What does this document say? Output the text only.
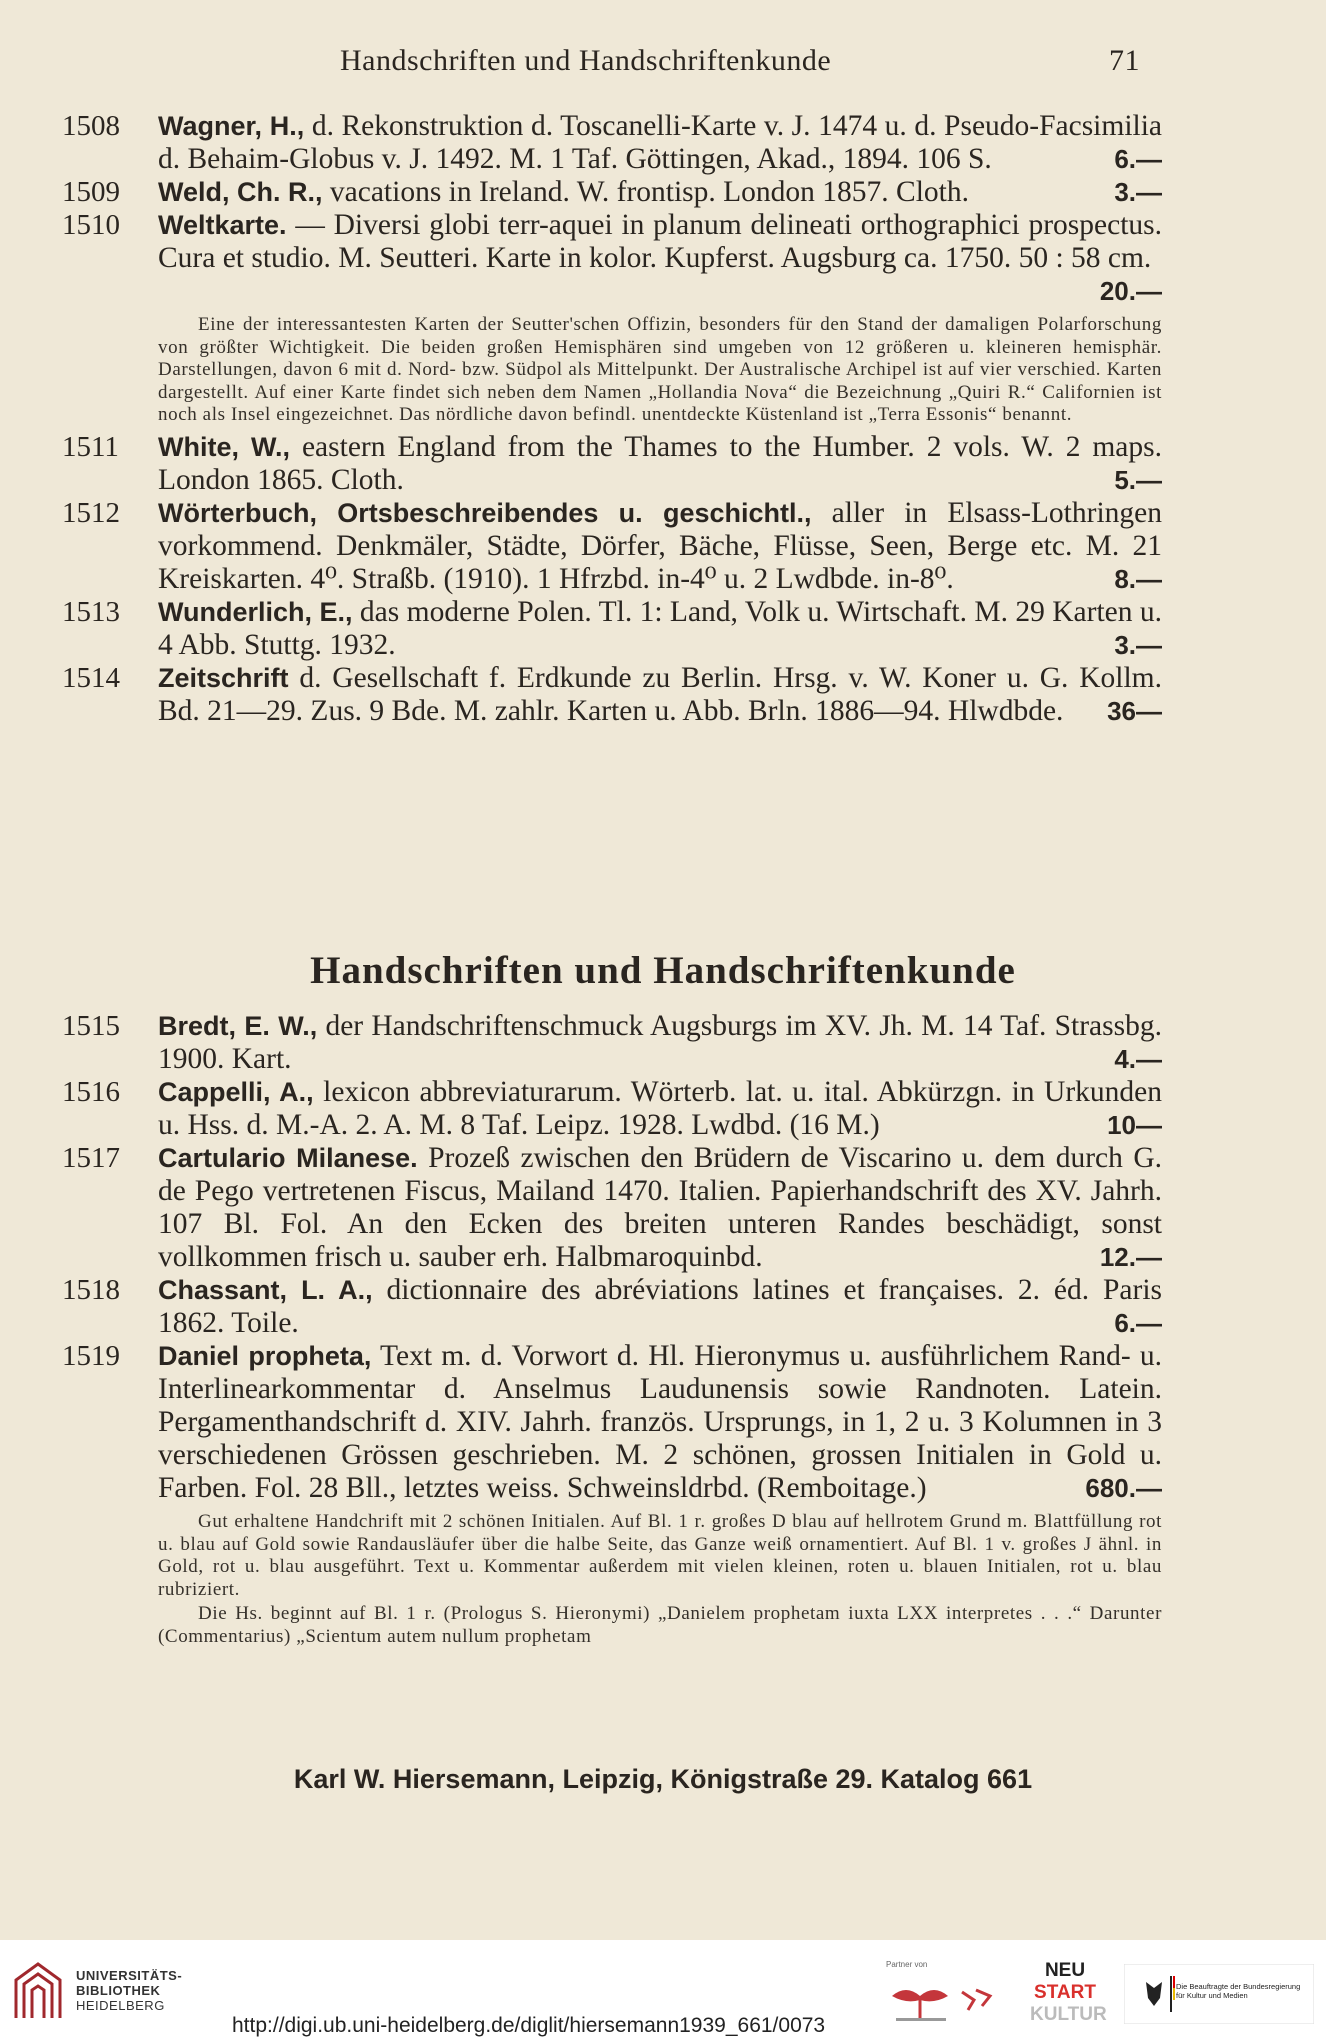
Handschriften und Handschriftenkunde	71
1508 Wagner, H., d. Rekonstruktion d. Toscanelli-Karte v. J. 1474 u. d. Pseudo-Facsimilia d. Behaim-Globus v. J. 1492. M. 1 Taf. Göttingen, Akad., 1894. 106 S.	6.—
1509 Weld, Ch. R., vacations in Ireland. W. frontisp. London 1857. Cloth.	3.—
1510 Weltkarte. — Diversi globi terr-aquei in planum delineati orthographici prospectus. Cura et studio. M. Seutteri. Karte in kolor. Kupferst. Augsburg ca. 1750. 50 : 58 cm.
20.—

Eine der interessantesten Karten der Seutter'schen Offizin, besonders für den Stand der damaligen Polarforschung von größter Wichtigkeit. Die beiden großen Hemisphären sind umgeben von 12 größeren u. kleineren hemisphär. Darstellungen, davon 6 mit d. Nord- bzw. Südpol als Mittelpunkt. Der Australische Archipel ist auf vier verschied. Karten dargestellt. Auf einer Karte findet sich neben dem Namen „Hollandia Nova“ die Bezeichnung „Quiri R.“ Californien ist noch als Insel eingezeichnet. Das nördliche davon befindl. unentdeckte Küstenland ist „Terra Essonis“ benannt.

1511 White, W., eastern England from the Thames to the Humber. 2 vols. W. 2 maps. London 1865. Cloth.	5.—
1512 Wörterbuch, Ortsbeschreibendes u. geschichtl., aller in Elsass-Lothringen vorkommend. Denkmäler, Städte, Dörfer, Bäche, Flüsse, Seen, Berge etc. M. 21 Kreiskarten. 4⁰. Straßb. (1910). 1 Hfrzbd. in-4⁰ u. 2 Lwdbde. in-8⁰.	8.—
1513 Wunderlich, E., das moderne Polen. Tl. 1: Land, Volk u. Wirtschaft. M. 29 Karten u. 4 Abb. Stuttg. 1932.	3.—
1514 Zeitschrift d. Gesellschaft f. Erdkunde zu Berlin. Hrsg. v. W. Koner u. G. Kollm. Bd. 21—29. Zus. 9 Bde. M. zahlr. Karten u. Abb. Brln. 1886—94. Hlwdbde. 36—
Handschriften und Handschriftenkunde
1515 Bredt, E. W., der Handschriftenschmuck Augsburgs im XV. Jh. M. 14 Taf. Strassbg. 1900. Kart.	4.—
1516 Cappelli, A., lexicon abbreviaturarum. Wörterb. lat. u. ital. Abkürzgn. in Urkunden u. Hss. d. M.-A. 2. A. M. 8 Taf. Leipz. 1928. Lwdbd. (16 M.)	10—
1517 Cartulario Milanese. Prozeß zwischen den Brüdern de Viscarino u. dem durch G. de Pego vertretenen Fiscus, Mailand 1470. Italien. Papierhandschrift des XV. Jahrh. 107 Bl. Fol. An den Ecken des breiten unteren Randes beschädigt, sonst vollkommen frisch u. sauber erh. Halbmaroquinbd.	12.—
1518 Chassant, L. A., dictionnaire des abréviations latines et françaises. 2. éd. Paris 1862. Toile.	6.—
1519 Daniel propheta, Text m. d. Vorwort d. Hl. Hieronymus u. ausführlichem Rand- u. Interlinearkommentar d. Anselmus Laudunensis sowie Randnoten. Latein. Pergamenthandschrift d. XIV. Jahrh. französ. Ursprungs, in 1, 2 u. 3 Kolumnen in 3 verschiedenen Grössen geschrieben. M. 2 schönen, grossen Initialen in Gold u. Farben. Fol. 28 Bll., letztes weiss. Schweinsldrbd. (Remboitage.)	680.—

Gut erhaltene Handchrift mit 2 schönen Initialen. Auf Bl. 1 r. großes D blau auf hellrotem Grund m. Blattfüllung rot u. blau auf Gold sowie Randausläufer über die halbe Seite, das Ganze weiß ornamentiert. Auf Bl. 1 v. großes J ähnl. in Gold, rot u. blau ausgeführt. Text u. Kommentar außerdem mit vielen kleinen, roten u. blauen Initialen, rot u. blau rubriziert.

Die Hs. beginnt auf Bl. 1 r. (Prologus S. Hieronymi) „Danielem prophetam iuxta LXX interpretes . . .“ Darunter (Commentarius) „Scientum autem nullum prophetam

Karl W. Hiersemann, Leipzig, Königstraße 29. Katalog 661
UNIVERSITÄTS-
BIBLIOTHEK
HEIDELBERG
http://digi.ub.uni-heidelberg.de/diglit/hiersemann1939_661/0073
Partner von	NEU
START
KULTUR
Die Beauftragte der Bundesregierung
für Kultur und Medien
